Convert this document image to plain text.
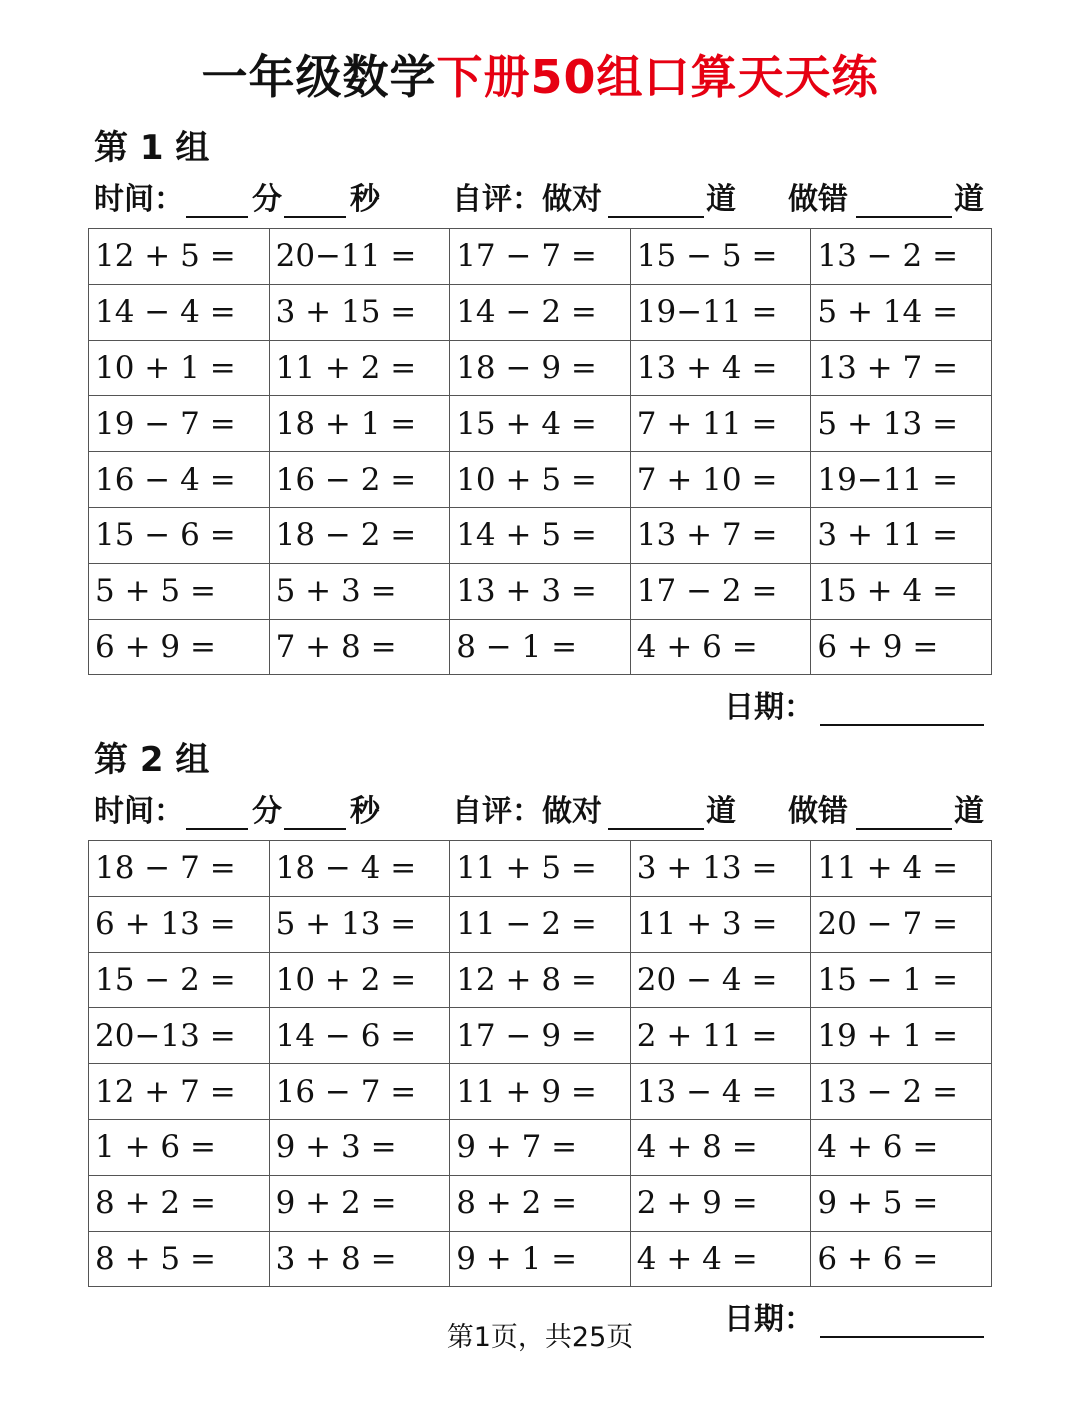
一年级数学下册50组口算天天练
第 1 组
时间： 分 秒 自评：做对	道 做错	道
12 + 5 =	20−11 =	17 − 7 =	15 − 5 =	13 − 2 =
14 − 4 =	3 + 15 =	14 − 2 =	19−11 =	5 + 14 =
10 + 1 =	11 + 2 =	18 − 9 =	13 + 4 =	13 + 7 =
19 − 7 =	18 + 1 =	15 + 4 =	7 + 11 =	5 + 13 =
16 − 4 =	16 − 2 =	10 + 5 =	7 + 10 =	19−11 =
15 − 6 =	18 − 2 =	14 + 5 =	13 + 7 =	3 + 11 =
5 + 5 =	5 + 3 =	13 + 3 =	17 − 2 =	15 + 4 =
6 + 9 =	7 + 8 =	8 − 1 =	4 + 6 =	6 + 9 =
日期：
第 2 组
时间： 分 秒 自评：做对	道 做错	道
18 − 7 =	18 − 4 =	11 + 5 =	3 + 13 =	11 + 4 =
6 + 13 =	5 + 13 =	11 − 2 =	11 + 3 =	20 − 7 =
15 − 2 =	10 + 2 =	12 + 8 =	20 − 4 =	15 − 1 =
20−13 =	14 − 6 =	17 − 9 =	2 + 11 =	19 + 1 =
12 + 7 =	16 − 7 =	11 + 9 =	13 − 4 =	13 − 2 =
1 + 6 =	9 + 3 =	9 + 7 =	4 + 8 =	4 + 6 =
8 + 2 =	9 + 2 =	8 + 2 =	2 + 9 =	9 + 5 =
8 + 5 =	3 + 8 =	9 + 1 =	4 + 4 =	6 + 6 =
日期：
第1页，共25页
